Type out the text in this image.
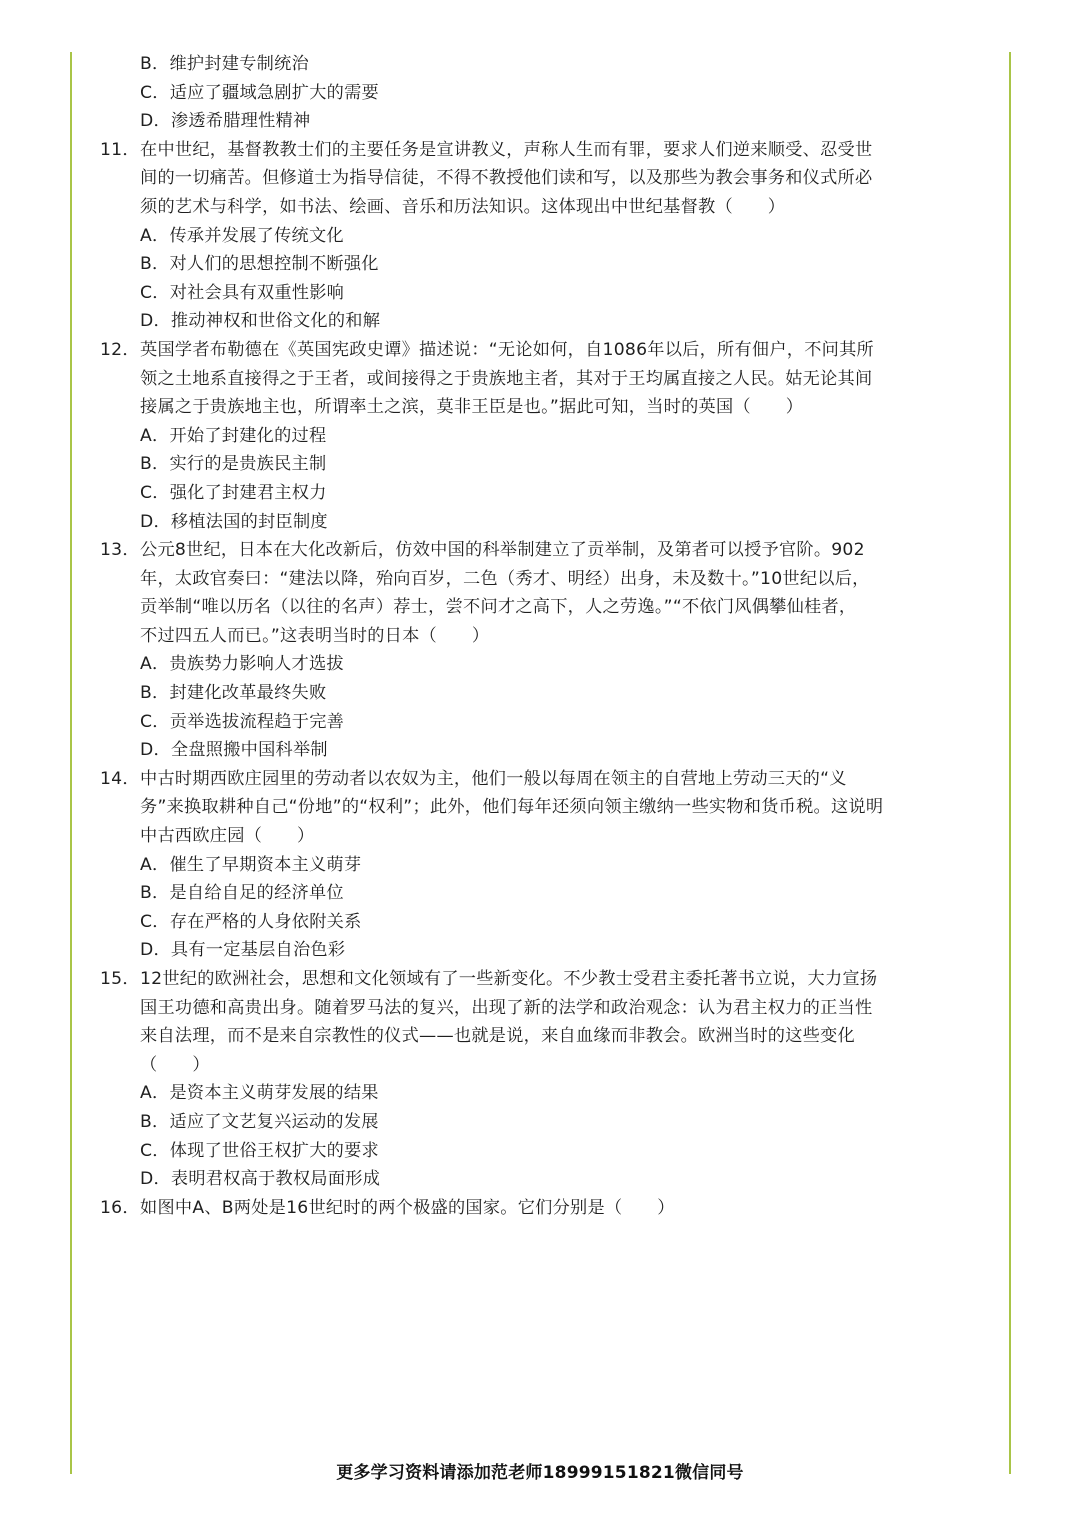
B．维护封建专制统治
C．适应了疆域急剧扩大的需要
D．渗透希腊理性精神
11． 在中世纪，基督教教士们的主要任务是宣讲教义，声称人生而有罪，要求人们逆来顺受、忍受世
间的一切痛苦。但修道士为指导信徒，不得不教授他们读和写，以及那些为教会事务和仪式所必
须的艺术与科学，如书法、绘画、音乐和历法知识。这体现出中世纪基督教（　　）
A．传承并发展了传统文化
B．对人们的思想控制不断强化
C．对社会具有双重性影响
D．推动神权和世俗文化的和解
12． 英国学者布勒德在《英国宪政史谭》描述说：“无论如何，自1086年以后，所有佃户，不问其所
领之土地系直接得之于王者，或间接得之于贵族地主者，其对于王均属直接之人民。姑无论其间
接属之于贵族地主也，所谓率土之滨，莫非王臣是也。”据此可知，当时的英国（　　）
A．开始了封建化的过程
B．实行的是贵族民主制
C．强化了封建君主权力
D．移植法国的封臣制度
13． 公元8世纪，日本在大化改新后，仿效中国的科举制建立了贡举制，及第者可以授予官阶。902
年，太政官奏曰：“建法以降，殆向百岁，二色（秀才、明经）出身，未及数十。”10世纪以后，
贡举制“唯以历名（以往的名声）荐士，尝不问才之高下，人之劳逸。”“不依门风偶攀仙桂者，
不过四五人而已。”这表明当时的日本（　　）
A．贵族势力影响人才选拔
B．封建化改革最终失败
C．贡举选拔流程趋于完善
D．全盘照搬中国科举制
14． 中古时期西欧庄园里的劳动者以农奴为主，他们一般以每周在领主的自营地上劳动三天的“义
务”来换取耕种自己“份地”的“权利”；此外，他们每年还须向领主缴纳一些实物和货币税。这说明
中古西欧庄园（　　）
A．催生了早期资本主义萌芽
B．是自给自足的经济单位
C．存在严格的人身依附关系
D．具有一定基层自治色彩
15． 12世纪的欧洲社会，思想和文化领域有了一些新变化。不少教士受君主委托著书立说，大力宣扬
国王功德和高贵出身。随着罗马法的复兴，出现了新的法学和政治观念：认为君主权力的正当性
来自法理，而不是来自宗教性的仪式——也就是说，来自血缘而非教会。欧洲当时的这些变化
（　　）
A．是资本主义萌芽发展的结果
B．适应了文艺复兴运动的发展
C．体现了世俗王权扩大的要求
D．表明君权高于教权局面形成
16． 如图中A、B两处是16世纪时的两个极盛的国家。它们分别是（　　）
更多学习资料请添加范老师18999151821微信同号
